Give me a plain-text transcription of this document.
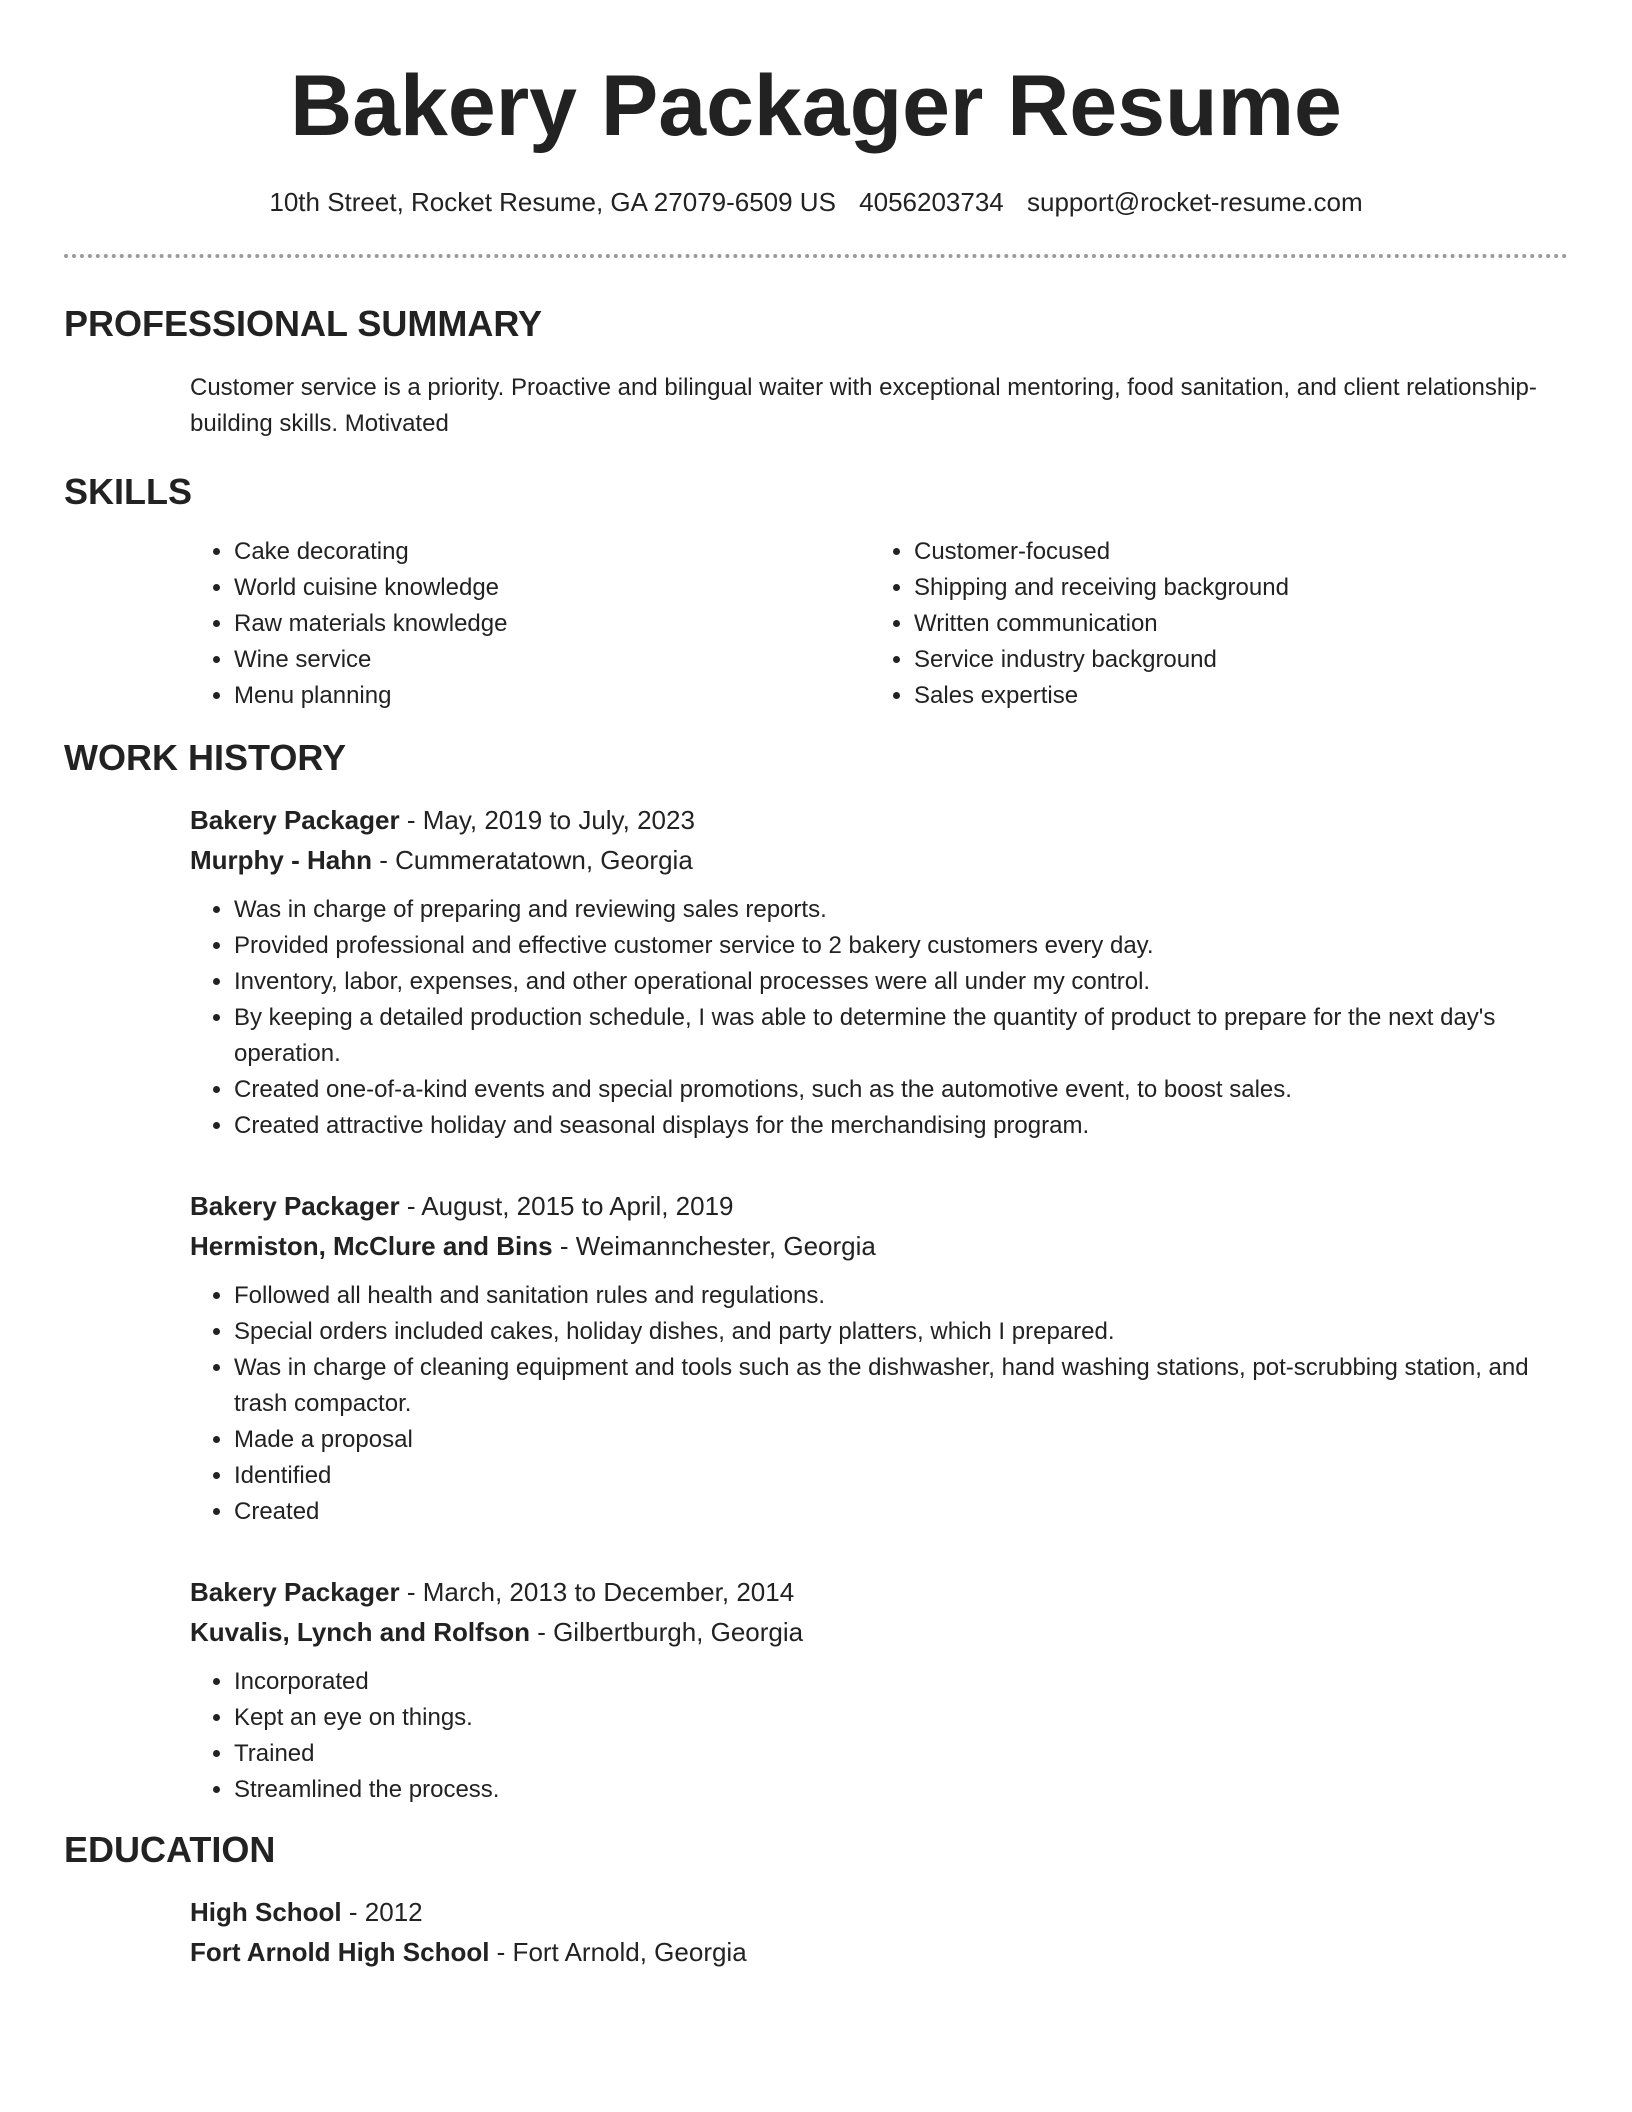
Bakery Packager Resume
10th Street, Rocket Resume, GA 27079-6509 US 4056203734 support@rocket-resume.com
PROFESSIONAL SUMMARY
Customer service is a priority. Proactive and bilingual waiter with exceptional mentoring, food sanitation, and client relationship-building skills. Motivated
SKILLS
• Cake decorating
• World cuisine knowledge
• Raw materials knowledge
• Wine service
• Menu planning
• Customer-focused
• Shipping and receiving background
• Written communication
• Service industry background
• Sales expertise
WORK HISTORY
Bakery Packager - May, 2019 to July, 2023
Murphy - Hahn - Cummeratatown, Georgia
• Was in charge of preparing and reviewing sales reports.
• Provided professional and effective customer service to 2 bakery customers every day.
• Inventory, labor, expenses, and other operational processes were all under my control.
• By keeping a detailed production schedule, I was able to determine the quantity of product to prepare for the next day's operation.
• Created one-of-a-kind events and special promotions, such as the automotive event, to boost sales.
• Created attractive holiday and seasonal displays for the merchandising program.
Bakery Packager - August, 2015 to April, 2019
Hermiston, McClure and Bins - Weimannchester, Georgia
• Followed all health and sanitation rules and regulations.
• Special orders included cakes, holiday dishes, and party platters, which I prepared.
• Was in charge of cleaning equipment and tools such as the dishwasher, hand washing stations, pot-scrubbing station, and trash compactor.
• Made a proposal
• Identified
• Created
Bakery Packager - March, 2013 to December, 2014
Kuvalis, Lynch and Rolfson - Gilbertburgh, Georgia
• Incorporated
• Kept an eye on things.
• Trained
• Streamlined the process.
EDUCATION
High School - 2012
Fort Arnold High School - Fort Arnold, Georgia
